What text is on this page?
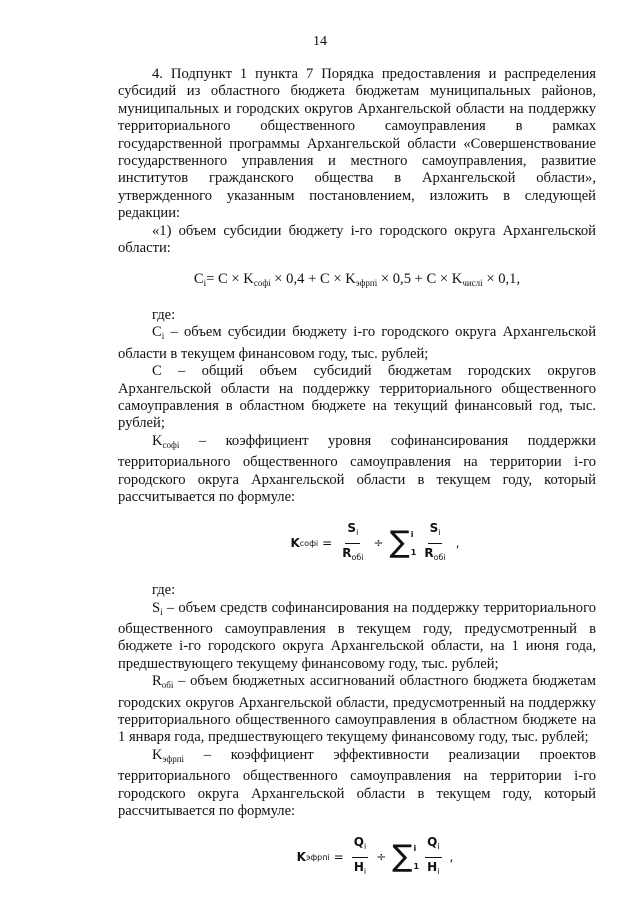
14

4. Подпункт 1 пункта 7 Порядка предоставления и распределения субсидий из областного бюджета бюджетам муниципальных районов, муниципальных и городских округов Архангельской области на поддержку территориального общественного самоуправления в рамках государственной программы Архангельской области «Совершенствование государственного управления и местного самоуправления, развитие институтов гражданского общества в Архангельской области», утвержденного указанным постановлением, изложить в следующей редакции:

«1) объем субсидии бюджету i-го городского округа Архангельской области:

$C_i= C \times K_{софi} \times 0,4 + C \times K_{эфрпi} \times 0,5 + C \times K_{числi} \times 0,1$,

где:

$C_i$ – объем субсидии бюджету i-го городского округа Архангельской области в текущем финансовом году, тыс. рублей;

C – общий объем субсидий бюджетам городских округов Архангельской области на поддержку территориального общественного самоуправления в областном бюджете на текущий финансовый год, тыс. рублей;

$K_{софi}$ – коэффициент уровня софинансирования поддержки территориального общественного самоуправления на территории i-го городского округа Архангельской области в текущем году, который рассчитывается по формуле:

K софi = $\frac{S_i}{R_{обi}}$ ÷ ∑ i
$1 \frac{S_i}{R_{обi}}$ ,

где:

$S_i$ – объем средств софинансирования на поддержку территориального общественного самоуправления в текущем году, предусмотренный в бюджете i-го городского округа Архангельской области, на 1 июня года, предшествующего текущему финансовому году, тыс. рублей;

$R_{обi}$ – объем бюджетных ассигнований областного бюджета бюджетам городских округов Архангельской области, предусмотренный на поддержку территориального общественного самоуправления в областном бюджете на 1 января года, предшествующего текущему финансовому году, тыс. рублей;

$K_{эфрпi}$ – коэффициент эффективности реализации проектов территориального общественного самоуправления на территории i-го городского округа Архангельской области в текущем году, который рассчитывается по формуле:

K эфрпi = $\frac{Q_i}{H_i}$ ÷ ∑ i
$1 \frac{Q_i}{H_i}$ ,
